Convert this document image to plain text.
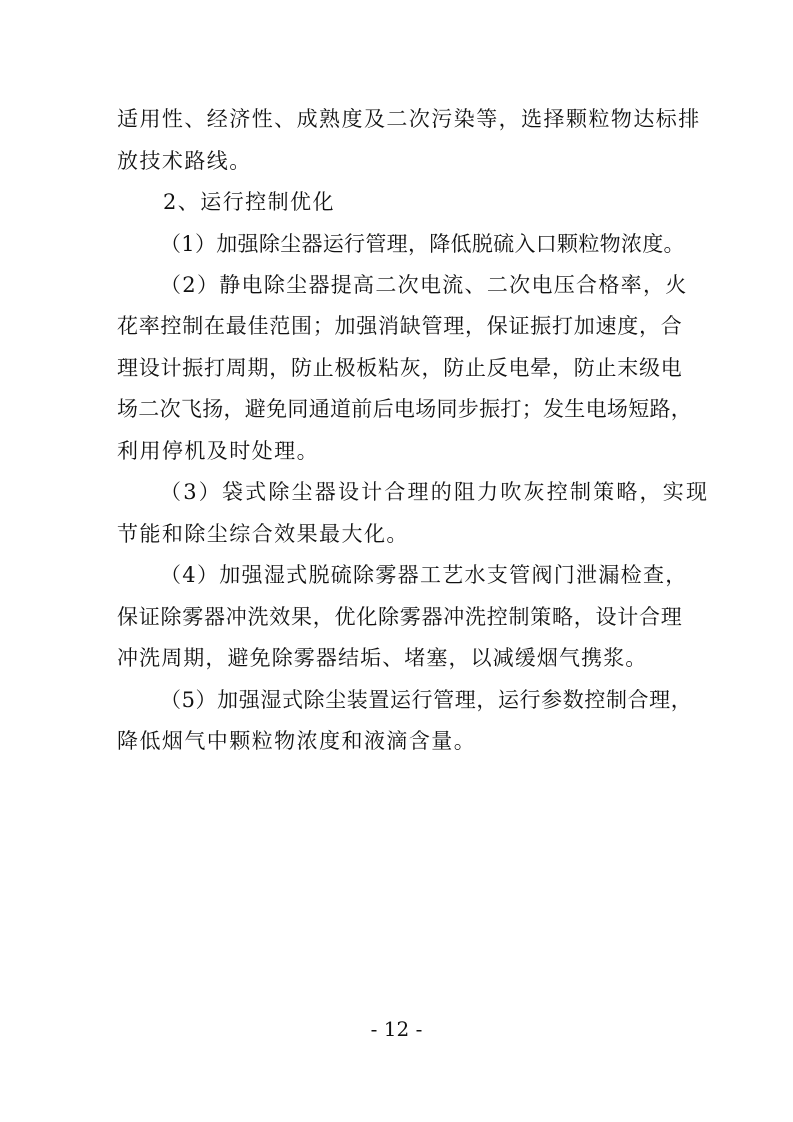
适用性、经济性、成熟度及二次污染等，选择颗粒物达标排
放技术路线。
2、运行控制优化
（1）加强除尘器运行管理，降低脱硫入口颗粒物浓度。
（2）静电除尘器提高二次电流、二次电压合格率，火
花率控制在最佳范围；加强消缺管理，保证振打加速度，合
理设计振打周期，防止极板粘灰，防止反电晕，防止末级电
场二次飞扬，避免同通道前后电场同步振打；发生电场短路，
利用停机及时处理。
（3）袋式除尘器设计合理的阻力吹灰控制策略，实现
节能和除尘综合效果最大化。
（4）加强湿式脱硫除雾器工艺水支管阀门泄漏检查，
保证除雾器冲洗效果，优化除雾器冲洗控制策略，设计合理
冲洗周期，避免除雾器结垢、堵塞，以减缓烟气携浆。
（5）加强湿式除尘装置运行管理，运行参数控制合理，
降低烟气中颗粒物浓度和液滴含量。
- 12 -
